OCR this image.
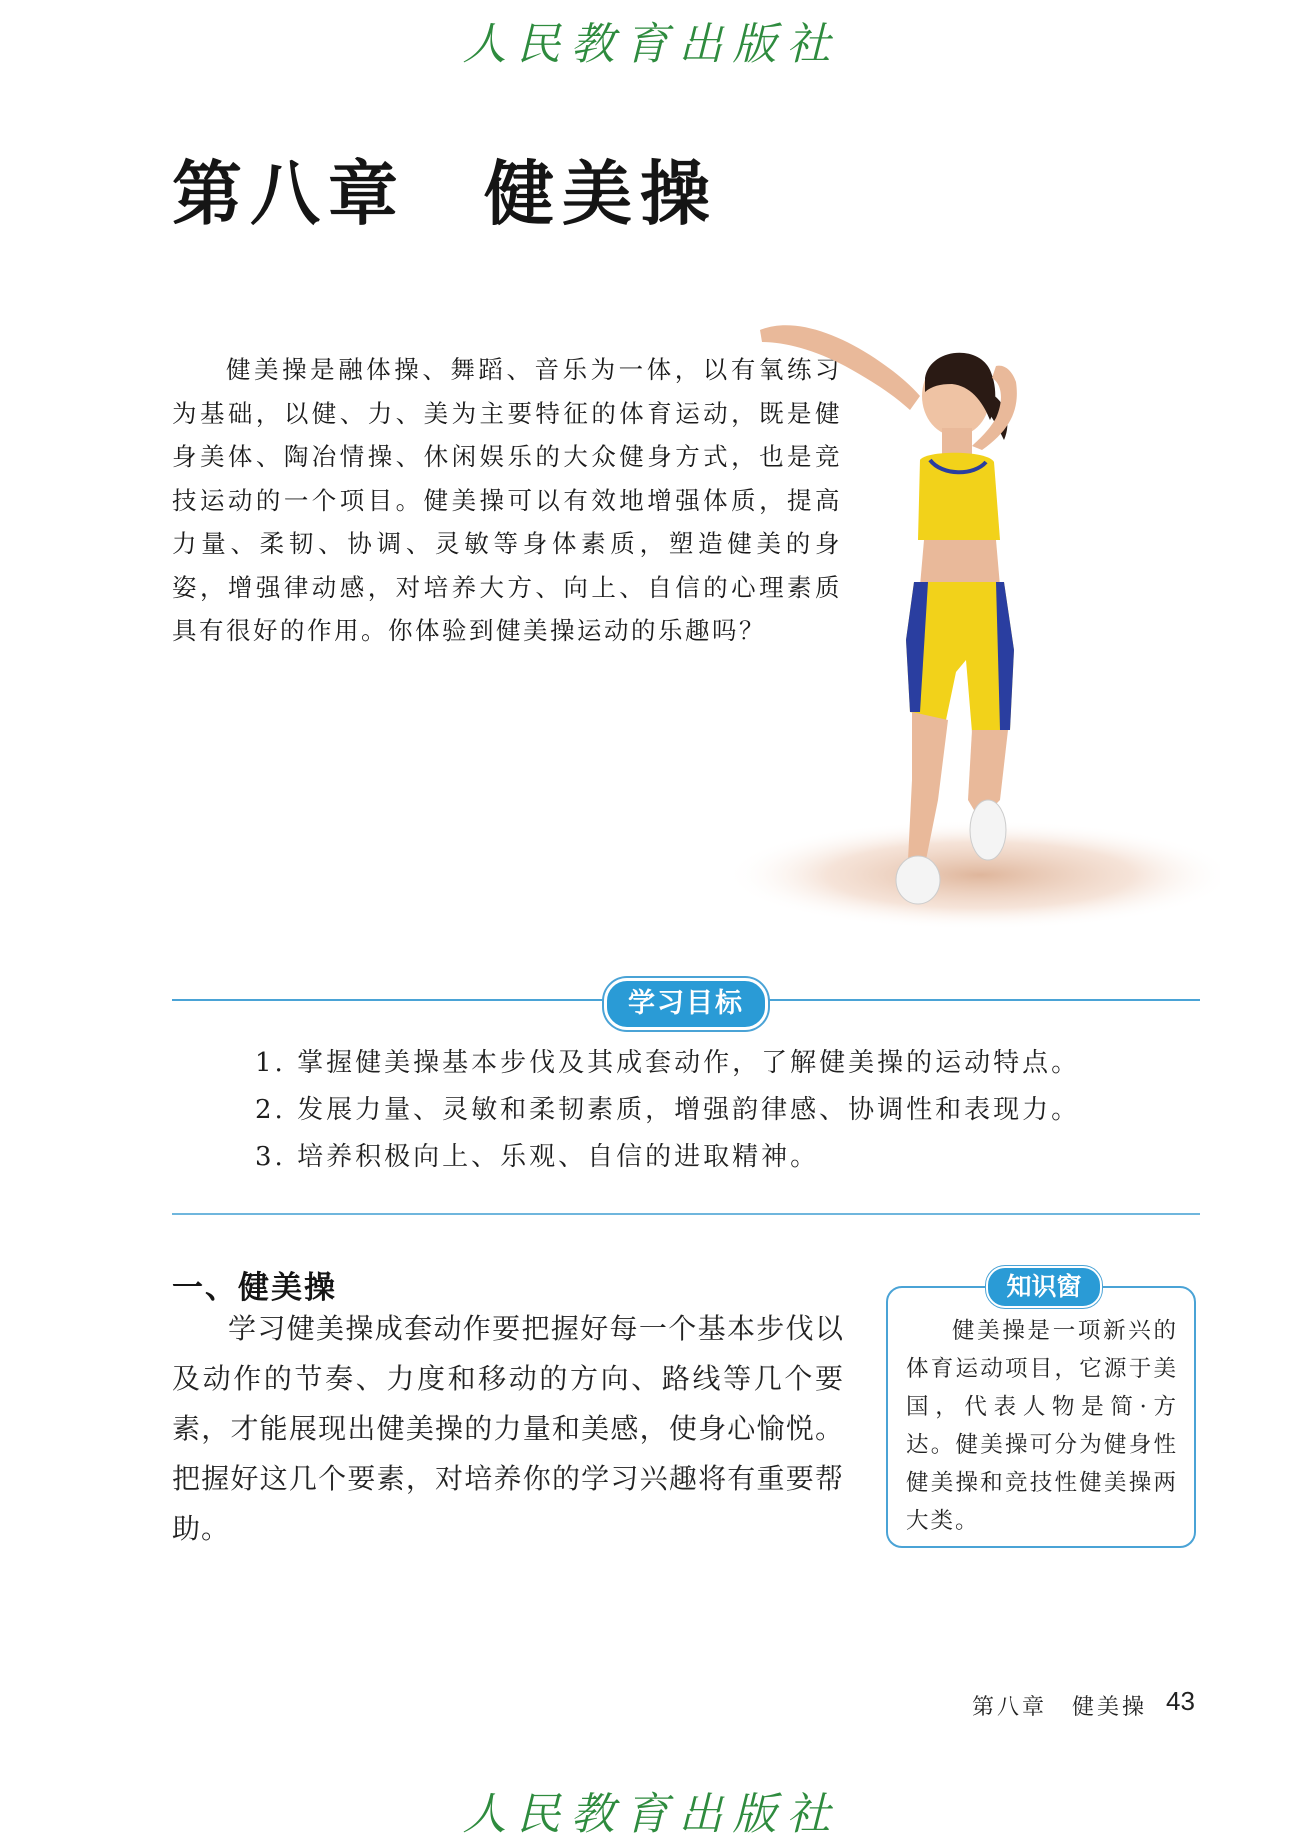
人民教育出版社
第八章　健美操
健美操是融体操、舞蹈、音乐为一体，以有氧练习为基础，以健、力、美为主要特征的体育运动，既是健身美体、陶冶情操、休闲娱乐的大众健身方式，也是竞技运动的一个项目。健美操可以有效地增强体质，提高力量、柔韧、协调、灵敏等身体素质，塑造健美的身姿，增强律动感，对培养大方、向上、自信的心理素质具有很好的作用。你体验到健美操运动的乐趣吗？
学习目标
1. 掌握健美操基本步伐及其成套动作，了解健美操的运动特点。
2. 发展力量、灵敏和柔韧素质，增强韵律感、协调性和表现力。
3. 培养积极向上、乐观、自信的进取精神。
一、健美操
学习健美操成套动作要把握好每一个基本步伐以及动作的节奏、力度和移动的方向、路线等几个要素，才能展现出健美操的力量和美感，使身心愉悦。把握好这几个要素，对培养你的学习兴趣将有重要帮助。
知识窗
健美操是一项新兴的体育运动项目，它源于美国，代表人物是简·方达。健美操可分为健身性健美操和竞技性健美操两大类。
第八章　健美操 43
人民教育出版社
